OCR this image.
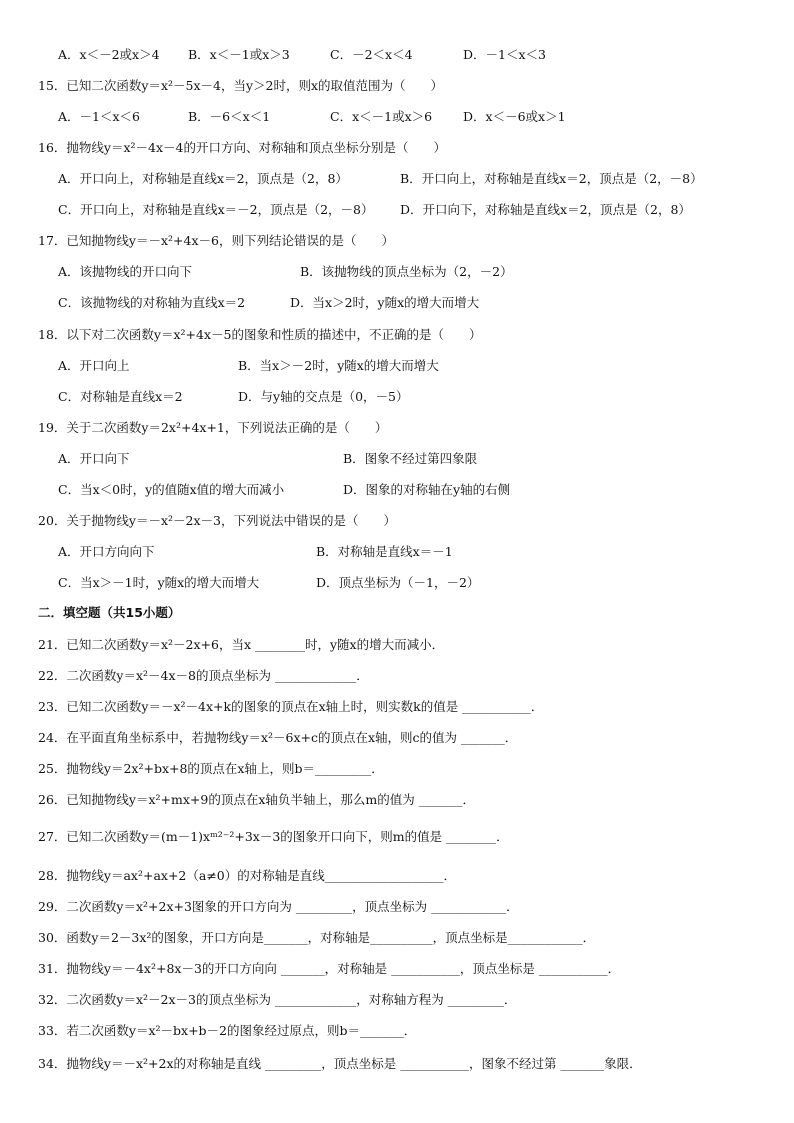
A．x＜－2或x＞4 B．x＜－1或x＞3	C．－2＜x＜4	D．－1＜x＜3
15．已知二次函数y＝x²－5x－4，当y＞2时，则x的取值范围为（　　）
A．－1＜x＜6	B．－6＜x＜1	C．x＜－1或x＞6 D．x＜－6或x＞1
16．抛物线y＝x²－4x－4的开口方向、对称轴和顶点坐标分别是（　　）
A．开口向上，对称轴是直线x＝2，顶点是（2，8）	B．开口向上，对称轴是直线x＝2，顶点是（2，－8）
C．开口向上，对称轴是直线x＝－2，顶点是（2，－8） D．开口向下，对称轴是直线x＝2，顶点是（2，8）
17．已知抛物线y＝－x²+4x－6，则下列结论错误的是（　　）
A．该抛物线的开口向下	B．该抛物线的顶点坐标为（2，－2）
C．该抛物线的对称轴为直线x＝2	D．当x＞2时，y随x的增大而增大
18．以下对二次函数y＝x²+4x－5的图象和性质的描述中，不正确的是（　　）
A．开口向上	B．当x＞－2时，y随x的增大而增大
C．对称轴是直线x＝2	D．与y轴的交点是（0，－5）
19．关于二次函数y＝2x²+4x+1，下列说法正确的是（　　）
A．开口向下	B．图象不经过第四象限
C．当x＜0时，y的值随x值的增大而减小	D．图象的对称轴在y轴的右侧
20．关于抛物线y＝－x²－2x－3，下列说法中错误的是（　　）
A．开口方向向下	B．对称轴是直线x＝－1
C．当x＞－1时，y随x的增大而增大	D．顶点坐标为（－1，－2）
21．已知二次函数y＝x²－2x+6，当x ________时，y随x的增大而减小．
22．二次函数y＝x²－4x－8的顶点坐标为 _____________．
23．已知二次函数y＝－x²－4x+k的图象的顶点在x轴上时，则实数k的值是 ___________．
24．在平面直角坐标系中，若抛物线y＝x²－6x+c的顶点在x轴，则c的值为 _______．
25．抛物线y＝2x²+bx+8的顶点在x轴上，则b＝_________．
26．已知抛物线y＝x²+mx+9的顶点在x轴负半轴上，那么m的值为 _______．
27．已知二次函数y＝(m－1)xᵐ²⁻²+3x－3的图象开口向下，则m的值是 ________．
28．抛物线y＝ax²+ax+2（a≠0）的对称轴是直线___________________．
29．二次函数y＝x²+2x+3图象的开口方向为 _________，顶点坐标为 ____________．
30．函数y＝2－3x²的图象，开口方向是_______，对称轴是__________，顶点坐标是____________．
31．抛物线y＝－4x²+8x－3的开口方向向 _______，对称轴是 ___________，顶点坐标是 ___________．
32．二次函数y＝x²－2x－3的顶点坐标为 _____________，对称轴方程为 _________．
33．若二次函数y＝x²－bx+b－2的图象经过原点，则b＝_______．
34．抛物线y＝－x²+2x的对称轴是直线 _________，顶点坐标是 ___________，图象不经过第 _______象限．
二．填空题（共15小题）
